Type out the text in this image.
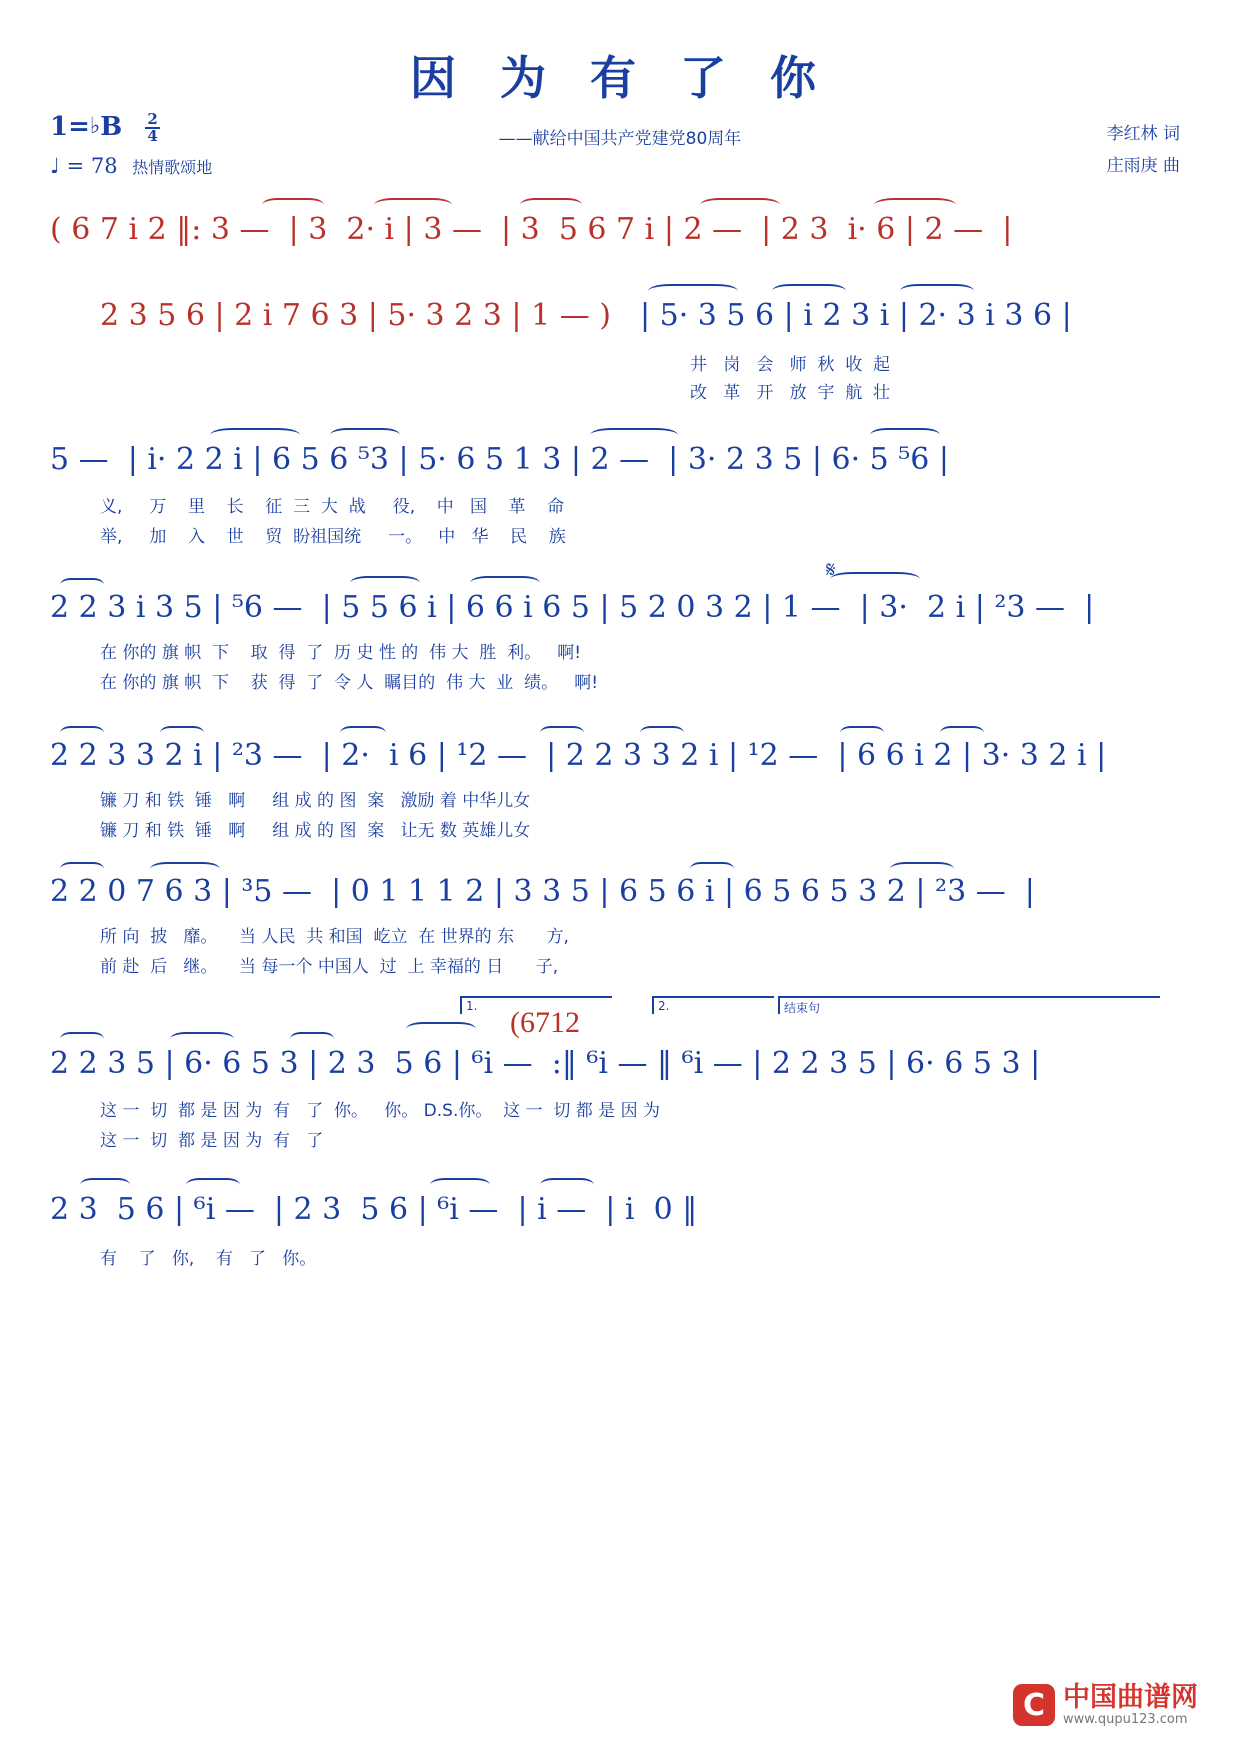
因 为 有 了 你
——献给中国共产党建党80周年
1=♭B $\frac{2}{4}$
♩ = 78 热情歌颂地
李红林 词
庄雨庚 曲
( 6 7 i 2 ‖: 3 —  | 3  2· i | 3 —  | 3  5 6 7 i | 2 —  | 2 3  i· 6 | 2 —  |
2 3 5 6 | 2 i 7 6 3 | 5· 3 2 3 | 1 — ) | 5· 3 5 6 | i 2 3 i | 2· 3 i 3 6 |
井   岗   会   师  秋  收  起
改   革   开   放  宇  航  壮
5 —  | i· 2 2 i | 6 5 6 ⁵3 | 5· 6 5 1 3 | 2 —  | 3· 2 3 5 | 6· 5 ⁵6 |
义,     万    里    长    征  三  大  战     役,    中   国    革    命
举,     加    入    世    贸  盼祖国统     一。   中   华    民    族
2 2 3 i 3 5 | ⁵6 —  | 5 5 6 i | 6 6 i 6 5 | 5 2 0 3 2 | 1 —  | 3·  2 i | ²3 —  |
𝄋
在 你的 旗 帜  下    取  得  了  历 史 性 的  伟 大  胜  利。   啊!
在 你的 旗 帜  下    获  得  了  令 人  瞩目的  伟 大  业  绩。   啊!
2 2 3 3 2 i | ²3 —  | 2·  i 6 | ¹2 —  | 2 2 3 3 2 i | ¹2 —  | 6 6 i 2 | 3· 3 2 i |
镰 刀 和 铁  锤   啊     组 成 的 图  案   激励 着 中华儿女
镰 刀 和 铁  锤   啊     组 成 的 图  案   让无 数 英雄儿女
2 2 0 7 6 3 | ³5 —  | 0 1 1 1 2 | 3 3 5 | 6 5 6 i | 6 5 6 5 3 2 | ²3 —  |
所 向  披   靡。    当 人民  共 和国  屹立  在 世界的 东      方,
前 赴  后   继。    当 每一个 中国人  过  上 幸福的 日      子,
1.	2.	结束句
(6712
2 2 3 5 | 6· 6 5 3 | 2 3  5 6 | ⁶i —  :‖ ⁶i — ‖ ⁶i — | 2 2 3 5 | 6· 6 5 3 |
这 一  切  都 是 因 为  有   了  你。   你。 D.S.你。  这 一  切 都 是 因 为
这 一  切  都 是 因 为  有   了
2 3  5 6 | ⁶i —  | 2 3  5 6 | ⁶i —  | i —  | i  0 ‖
有    了   你,    有   了   你。
C 中国曲谱网
www.qupu123.com
